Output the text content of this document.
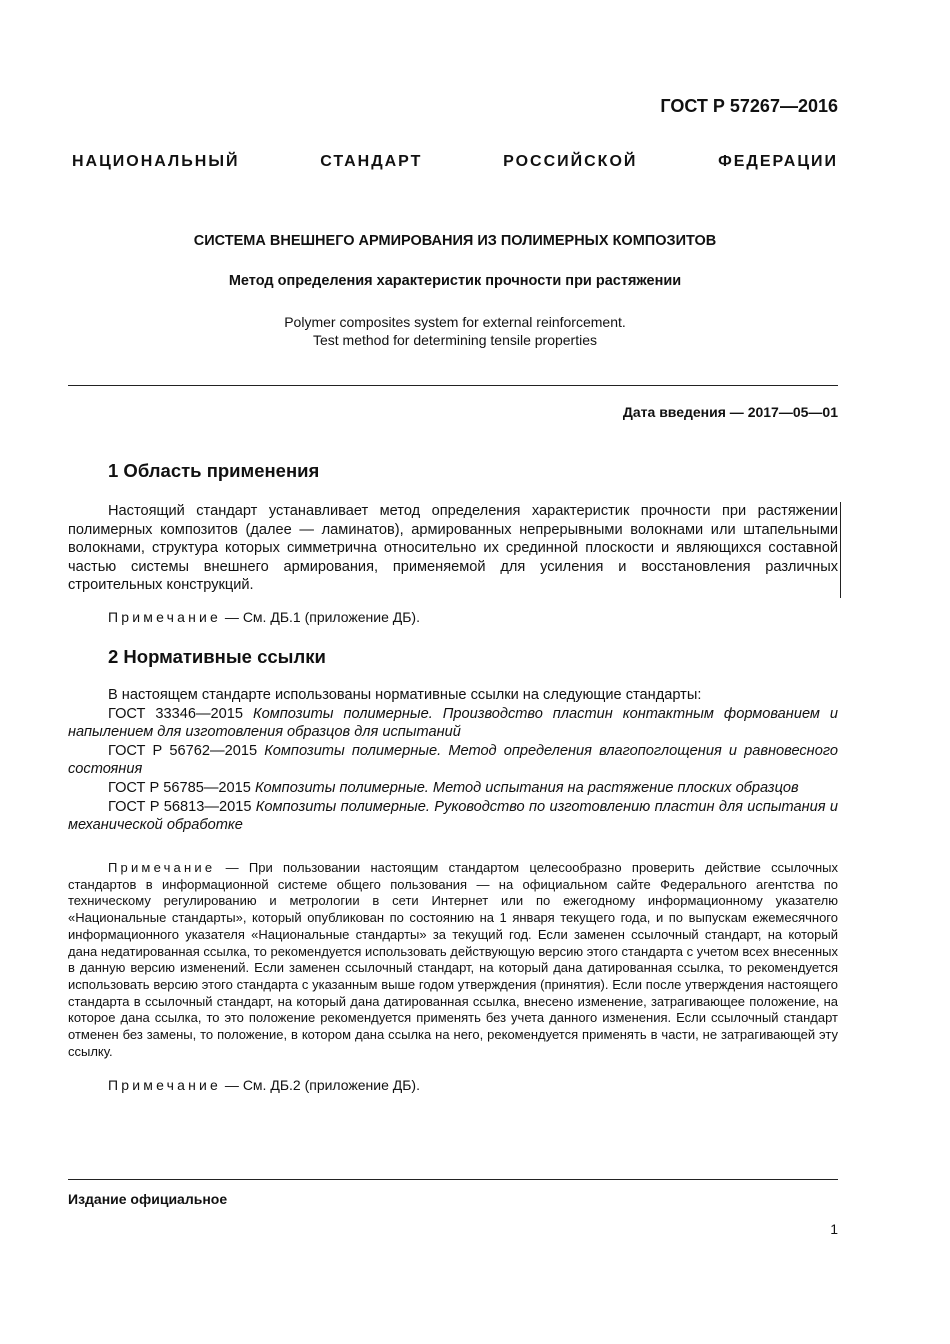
ГОСТ Р 57267—2016
НАЦИОНАЛЬНЫЙ СТАНДАРТ РОССИЙСКОЙ ФЕДЕРАЦИИ
СИСТЕМА ВНЕШНЕГО АРМИРОВАНИЯ ИЗ ПОЛИМЕРНЫХ КОМПОЗИТОВ
Метод определения характеристик прочности при растяжении
Polymer composites system for external reinforcement.
Test method for determining tensile properties
Дата введения — 2017—05—01
1 Область применения

Настоящий стандарт устанавливает метод определения характеристик прочности при растяжении полимерных композитов (далее — ламинатов), армированных непрерывными волокнами или штапельными волокнами, структура которых симметрична относительно их срединной плоскости и являющихся составной частью системы внешнего армирования, применяемой для усиления и восстановления различных строительных конструкций.

Примечание — См. ДБ.1 (приложение ДБ).

2 Нормативные ссылки

В настоящем стандарте использованы нормативные ссылки на следующие стандарты:

ГОСТ 33346—2015 Композиты полимерные. Производство пластин контактным формованием и напылением для изготовления образцов для испытаний

ГОСТ Р 56762—2015 Композиты полимерные. Метод определения влагопоглощения и равновесного состояния

ГОСТ Р 56785—2015 Композиты полимерные. Метод испытания на растяжение плоских образцов

ГОСТ Р 56813—2015 Композиты полимерные. Руководство по изготовлению пластин для испытания и механической обработке

Примечание — При пользовании настоящим стандартом целесообразно проверить действие ссылочных стандартов в информационной системе общего пользования — на официальном сайте Федерального агентства по техническому регулированию и метрологии в сети Интернет или по ежегодному информационному указателю «Национальные стандарты», который опубликован по состоянию на 1 января текущего года, и по выпускам ежемесячного информационного указателя «Национальные стандарты» за текущий год. Если заменен ссылочный стандарт, на который дана недатированная ссылка, то рекомендуется использовать действующую версию этого стандарта с учетом всех внесенных в данную версию изменений. Если заменен ссылочный стандарт, на который дана датированная ссылка, то рекомендуется использовать версию этого стандарта с указанным выше годом утверждения (принятия). Если после утверждения настоящего стандарта в ссылочный стандарт, на который дана датированная ссылка, внесено изменение, затрагивающее положение, на которое дана ссылка, то это положение рекомендуется применять без учета данного изменения. Если ссылочный стандарт отменен без замены, то положение, в котором дана ссылка на него, рекомендуется применять в части, не затрагивающей эту ссылку.

Примечание — См. ДБ.2 (приложение ДБ).

Издание официальное
1
